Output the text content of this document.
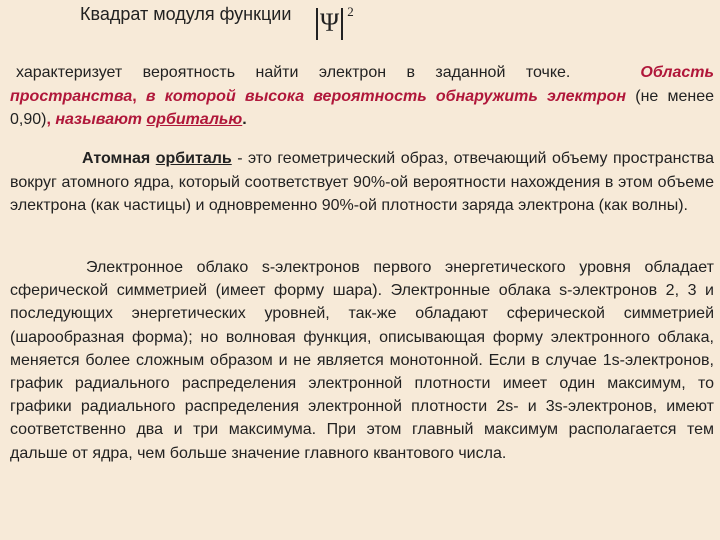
Квадрат модуля функции Ψ 2
характеризует вероятность найти электрон в заданной точке.	Область пространства, в которой высока вероятность обнаружить электрон (не менее 0,90), называют орбиталью.
Атомная орбиталь - это геометрический образ, отвечающий объему пространства вокруг атомного ядра, который соответствует 90%-ой вероятности нахождения в этом объеме электрона (как частицы) и одновременно 90%-ой плотности заряда электрона (как волны).
Электронное облако s-электронов первого энергетического уровня обладает сферической симметрией (имеет форму шара). Электронные облака s-электронов 2, 3 и последующих энергетических уровней, так-же обладают сферической симметрией (шарообразная форма); но волновая функция, описывающая форму электронного облака, меняется более сложным образом и не является монотонной. Если в случае 1s-электронов, график радиального распределения электронной плотности имеет один максимум, то графики радиального распределения электронной плотности 2s- и 3s-электронов, имеют соответственно два и три максимума. При этом главный максимум располагается тем дальше от ядра, чем больше значение главного квантового числа.
